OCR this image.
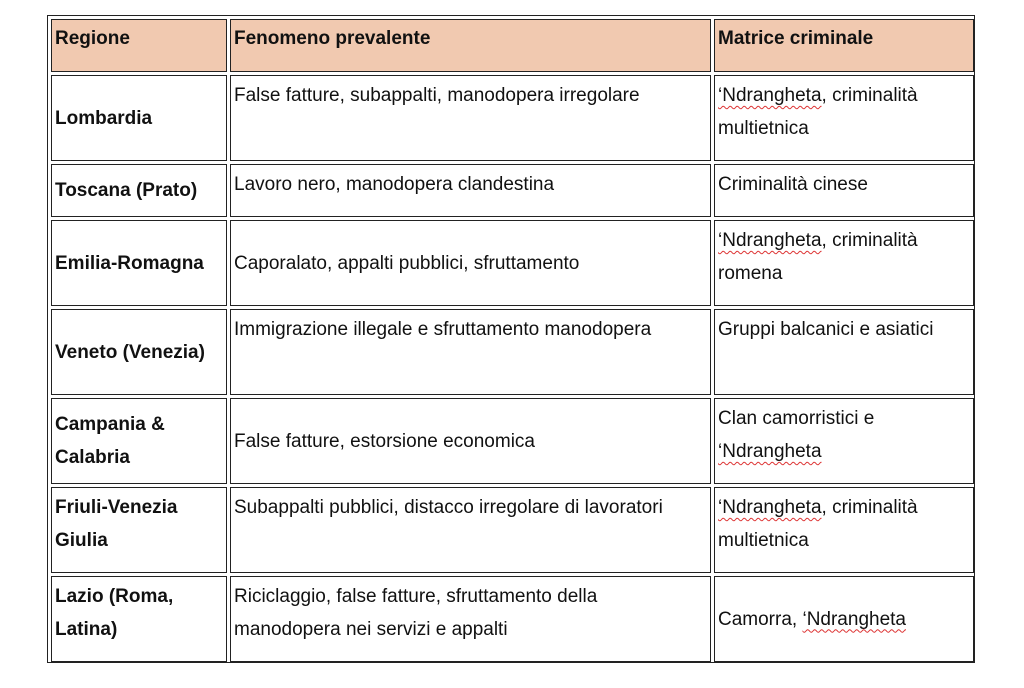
Regione	Fenomeno prevalente	Matrice criminale
Lombardia	False fatture, subappalti, manodopera irregolare	‘Ndrangheta, criminalità multietnica
Toscana (Prato)	Lavoro nero, manodopera clandestina	Criminalità cinese
Emilia-Romagna	Caporalato, appalti pubblici, sfruttamento	‘Ndrangheta, criminalità romena
Veneto (Venezia)	Immigrazione illegale e sfruttamento manodopera	Gruppi balcanici e asiatici
Campania & Calabria	False fatture, estorsione economica	Clan camorristici e ‘Ndrangheta
Friuli-Venezia Giulia	Subappalti pubblici, distacco irregolare di lavoratori	‘Ndrangheta, criminalità multietnica
Lazio (Roma, Latina)	Riciclaggio, false fatture, sfruttamento della manodopera nei servizi e appalti	Camorra, ‘Ndrangheta
